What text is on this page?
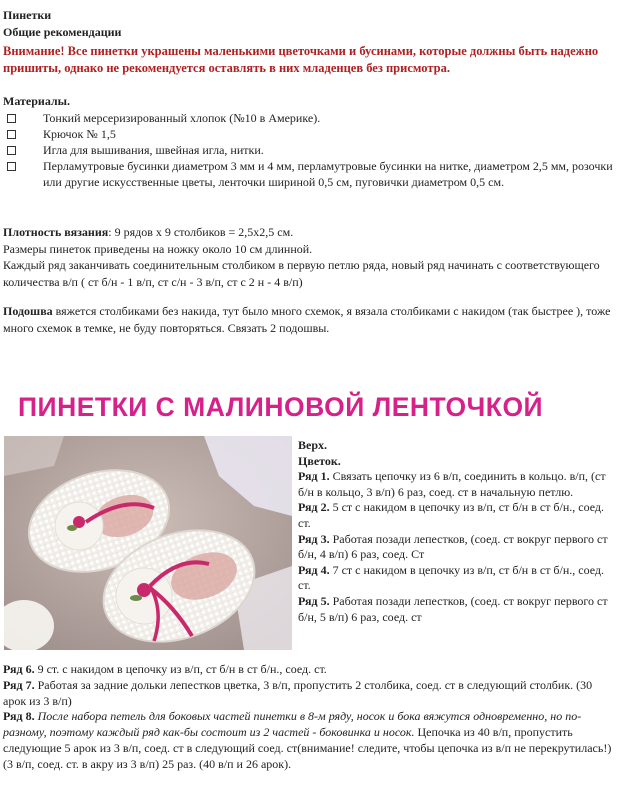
Пинетки
Общие рекомендации
Внимание! Все пинетки украшены маленькими цветочками и бусинами, которые должны быть надежно пришиты, однако не рекомендуется оставлять в них младенцев без присмотра.
Материалы.
Тонкий мерсеризированный хлопок (№10 в Америке).
Крючок № 1,5
Игла для вышивания, швейная игла, нитки.
Перламутровые бусинки диаметром 3 мм и 4 мм, перламутровые бусинки на нитке, диаметром 2,5 мм, розочки или другие искусственные цветы, ленточки шириной 0,5 см, пуговички диаметром 0,5 см.
Плотность вязания: 9 рядов х 9 столбиков = 2,5х2,5 см.
Размеры пинеток приведены на ножку около 10 см длинной.
Каждый ряд заканчивать соединительным столбиком в первую петлю ряда, новый ряд начинать с соответствующего количества в/п ( ст б/н - 1 в/п, ст с/н - 3 в/п, ст с 2 н - 4 в/п)
Подошва вяжется столбиками без накида, тут было много схемок, я вязала столбиками с накидом (так быстрее ), тоже много схемок в темке, не буду повторяться. Связать 2 подошвы.
ПИНЕТКИ С МАЛИНОВОЙ ЛЕНТОЧКОЙ
Верх.
Цветок.
Ряд 1. Связать цепочку из 6 в/п, соединить в кольцо. в/п, (ст б/н в кольцо, 3 в/п) 6 раз, соед. ст в начальную петлю.
Ряд 2. 5 ст с накидом в цепочку из в/п, ст б/н в ст б/н., соед. ст.
Ряд 3. Работая позади лепестков, (соед. ст вокруг первого ст б/н, 4 в/п) 6 раз, соед. Ст
Ряд 4. 7 ст с накидом в цепочку из в/п, ст б/н в ст б/н., соед. ст.
Ряд 5. Работая позади лепестков, (соед. ст вокруг первого ст б/н, 5 в/п) 6 раз, соед. ст
Ряд 6. 9 ст. с накидом в цепочку из в/п, ст б/н в ст б/н., соед. ст.
Ряд 7. Работая за задние дольки лепестков цветка, 3 в/п, пропустить 2 столбика, соед. ст в следующий столбик. (30 арок из 3 в/п)
Ряд 8. После набора петель для боковых частей пинетки в 8-м ряду, носок и бока вяжутся одновременно, но по-разному, поэтому каждый ряд как-бы состоит из 2 частей - боковинка и носок. Цепочка из 40 в/п, пропустить следующие 5 арок из 3 в/п, соед. ст в следующий соед. ст(внимание! следите, чтобы цепочка из в/п не перекрутилась!) (3 в/п, соед. ст. в акру из 3 в/п) 25 раз. (40 в/п и 26 арок).
